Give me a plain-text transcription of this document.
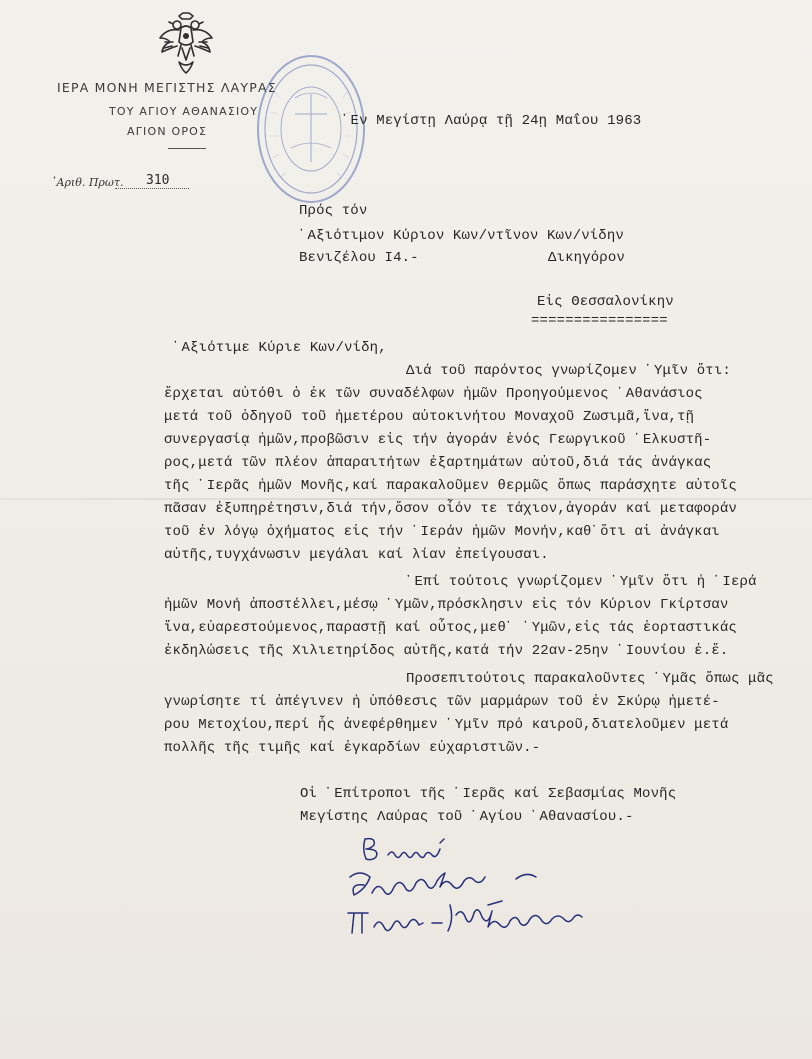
ΙΕΡΑ ΜΟΝΗ ΜΕΓΙΣΤΗΣ ΛΑΥΡΑΣ
ΤΟΥ ΑΓΙΟΥ ΑΘΑΝΑΣΙΟΥ
ΑΓΙΟΝ ΟΡΟΣ
᾿Αριθ. Πρωτ. 310
᾿Εν Μεγίστῃ Λαύρᾳ τῇ 24ῃ Μαΐου 1963
Πρός τόν
᾿Αξιότιμον Κύριον Κων/ντῖνον Κων/νίδην
Βενιζέλου Ι4.-	Δικηγόρον
Εἰς Θεσσαλονίκην
================
᾿Αξιότιμε Κύριε Κων/νίδη,
Διά τοῦ παρόντος γνωρίζομεν ῾Υμῖν ὅτι:
ἔρχεται αὐτόθι ὁ ἐκ τῶν συναδέλφων ἡμῶν Προηγούμενος ᾿Αθανάσιος
μετά τοῦ ὁδηγοῦ τοῦ ἡμετέρου αὐτοκινήτου Μοναχοῦ Ζωσιμᾶ,ἵνα,τῇ
συνεργασίᾳ ἡμῶν,προβῶσιν εἰς τήν ἀγοράν ἑνός Γεωργικοῦ ῾Ελκυστῆ-
ρος,μετά τῶν πλέον ἀπαραιτήτων ἐξαρτημάτων αὐτοῦ,διά τάς ἀνάγκας
τῆς ῾Ιερᾶς ἡμῶν Μονῆς,καί παρακαλοῦμεν θερμῶς ὅπως παράσχητε αὐτοῖς
πᾶσαν ἐξυπηρέτησιν,διά τήν,ὅσον οἷόν τε τάχιον,ἀγοράν καί μεταφοράν
τοῦ ἐν λόγῳ ὀχήματος εἰς τήν ῾Ιεράν ἡμῶν Μονήν,καθ᾿ὅτι αἱ ἀνάγκαι
αὐτῆς,τυγχάνωσιν μεγάλαι καί λίαν ἐπείγουσαι.
᾿Επί τούτοις γνωρίζομεν ῾Υμῖν ὅτι ἡ ῾Ιερά
ἡμῶν Μονή ἀποστέλλει,μέσῳ ῾Υμῶν,πρόσκλησιν εἰς τόν Κύριον Γκίρτσαν
ἵνα,εὐαρεστούμενος,παραστῇ καί οὗτος,μεθ᾿ ῾Υμῶν,εἰς τάς ἑορταστικάς
ἐκδηλώσεις τῆς Χιλιετηρίδος αὐτῆς,κατά τήν 22αν-25ην ᾿Ιουνίου ἐ.ἔ.
Προσεπιτούτοις παρακαλοῦντες ῾Υμᾶς ὅπως μᾶς
γνωρίσητε τί ἀπέγινεν ἡ ὑπόθεσις τῶν μαρμάρων τοῦ ἐν Σκύρῳ ἡμετέ-
ρου Μετοχίου,περί ἧς ἀνεφέρθημεν ῾Υμῖν πρό καιροῦ,διατελοῦμεν μετά
πολλῆς τῆς τιμῆς καί ἐγκαρδίων εὐχαριστιῶν.-
Οἱ ᾿Επίτροποι τῆς ῾Ιερᾶς καί Σεβασμίας Μονῆς
Μεγίστης Λαύρας τοῦ ῾Αγίου ᾿Αθανασίου.-
